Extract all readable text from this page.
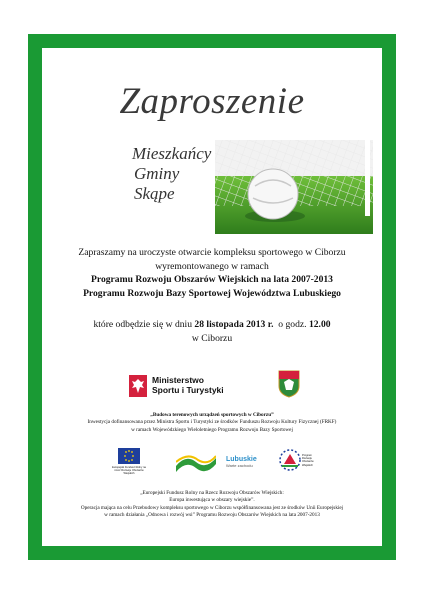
Zaproszenie
Mieszkańcy
Gminy
Skąpe
Zapraszamy na uroczyste otwarcie kompleksu sportowego w Ciborzu
wyremontowanego w ramach
Programu Rozwoju Obszarów Wiejskich na lata 2007-2013
Programu Rozwoju Bazy Sportowej Województwa Lubuskiego
które odbędzie się w dniu 28 listopada 2013 r.  o godz. 12.00
w Ciborzu
Ministerstwo
Sportu i Turystyki
„Budowa terenowych urządzeń sportowych w Ciborzu”
Inwestycja dofinansowana przez Ministra Sportu i Turystyki ze środków Funduszu Rozwoju Kultury Fizycznej (FRKF)
w ramach Wojewódzkiego Wieloletniego Programu Rozwoju Bazy Sportowej
Europejski Fundusz Rolny na rzecz Rozwoju Obszarów Wiejskich
Lubuskie
Warte zachodu
Program Rozwoju Obszarów Wiejskich
„Europejski Fundusz Rolny na Rzecz Rozwoju Obszarów Wiejskich:
Europa inwestująca w obszary wiejskie”.
Operacja mająca na celu Przebudowy kompleksu sportowego w Ciborzu współfinansowana jest ze środków Unii Europejskiej
w ramach działania „Odnowa i rozwój wsi” Programu Rozwoju Obszarów Wiejskich na lata 2007-2013
